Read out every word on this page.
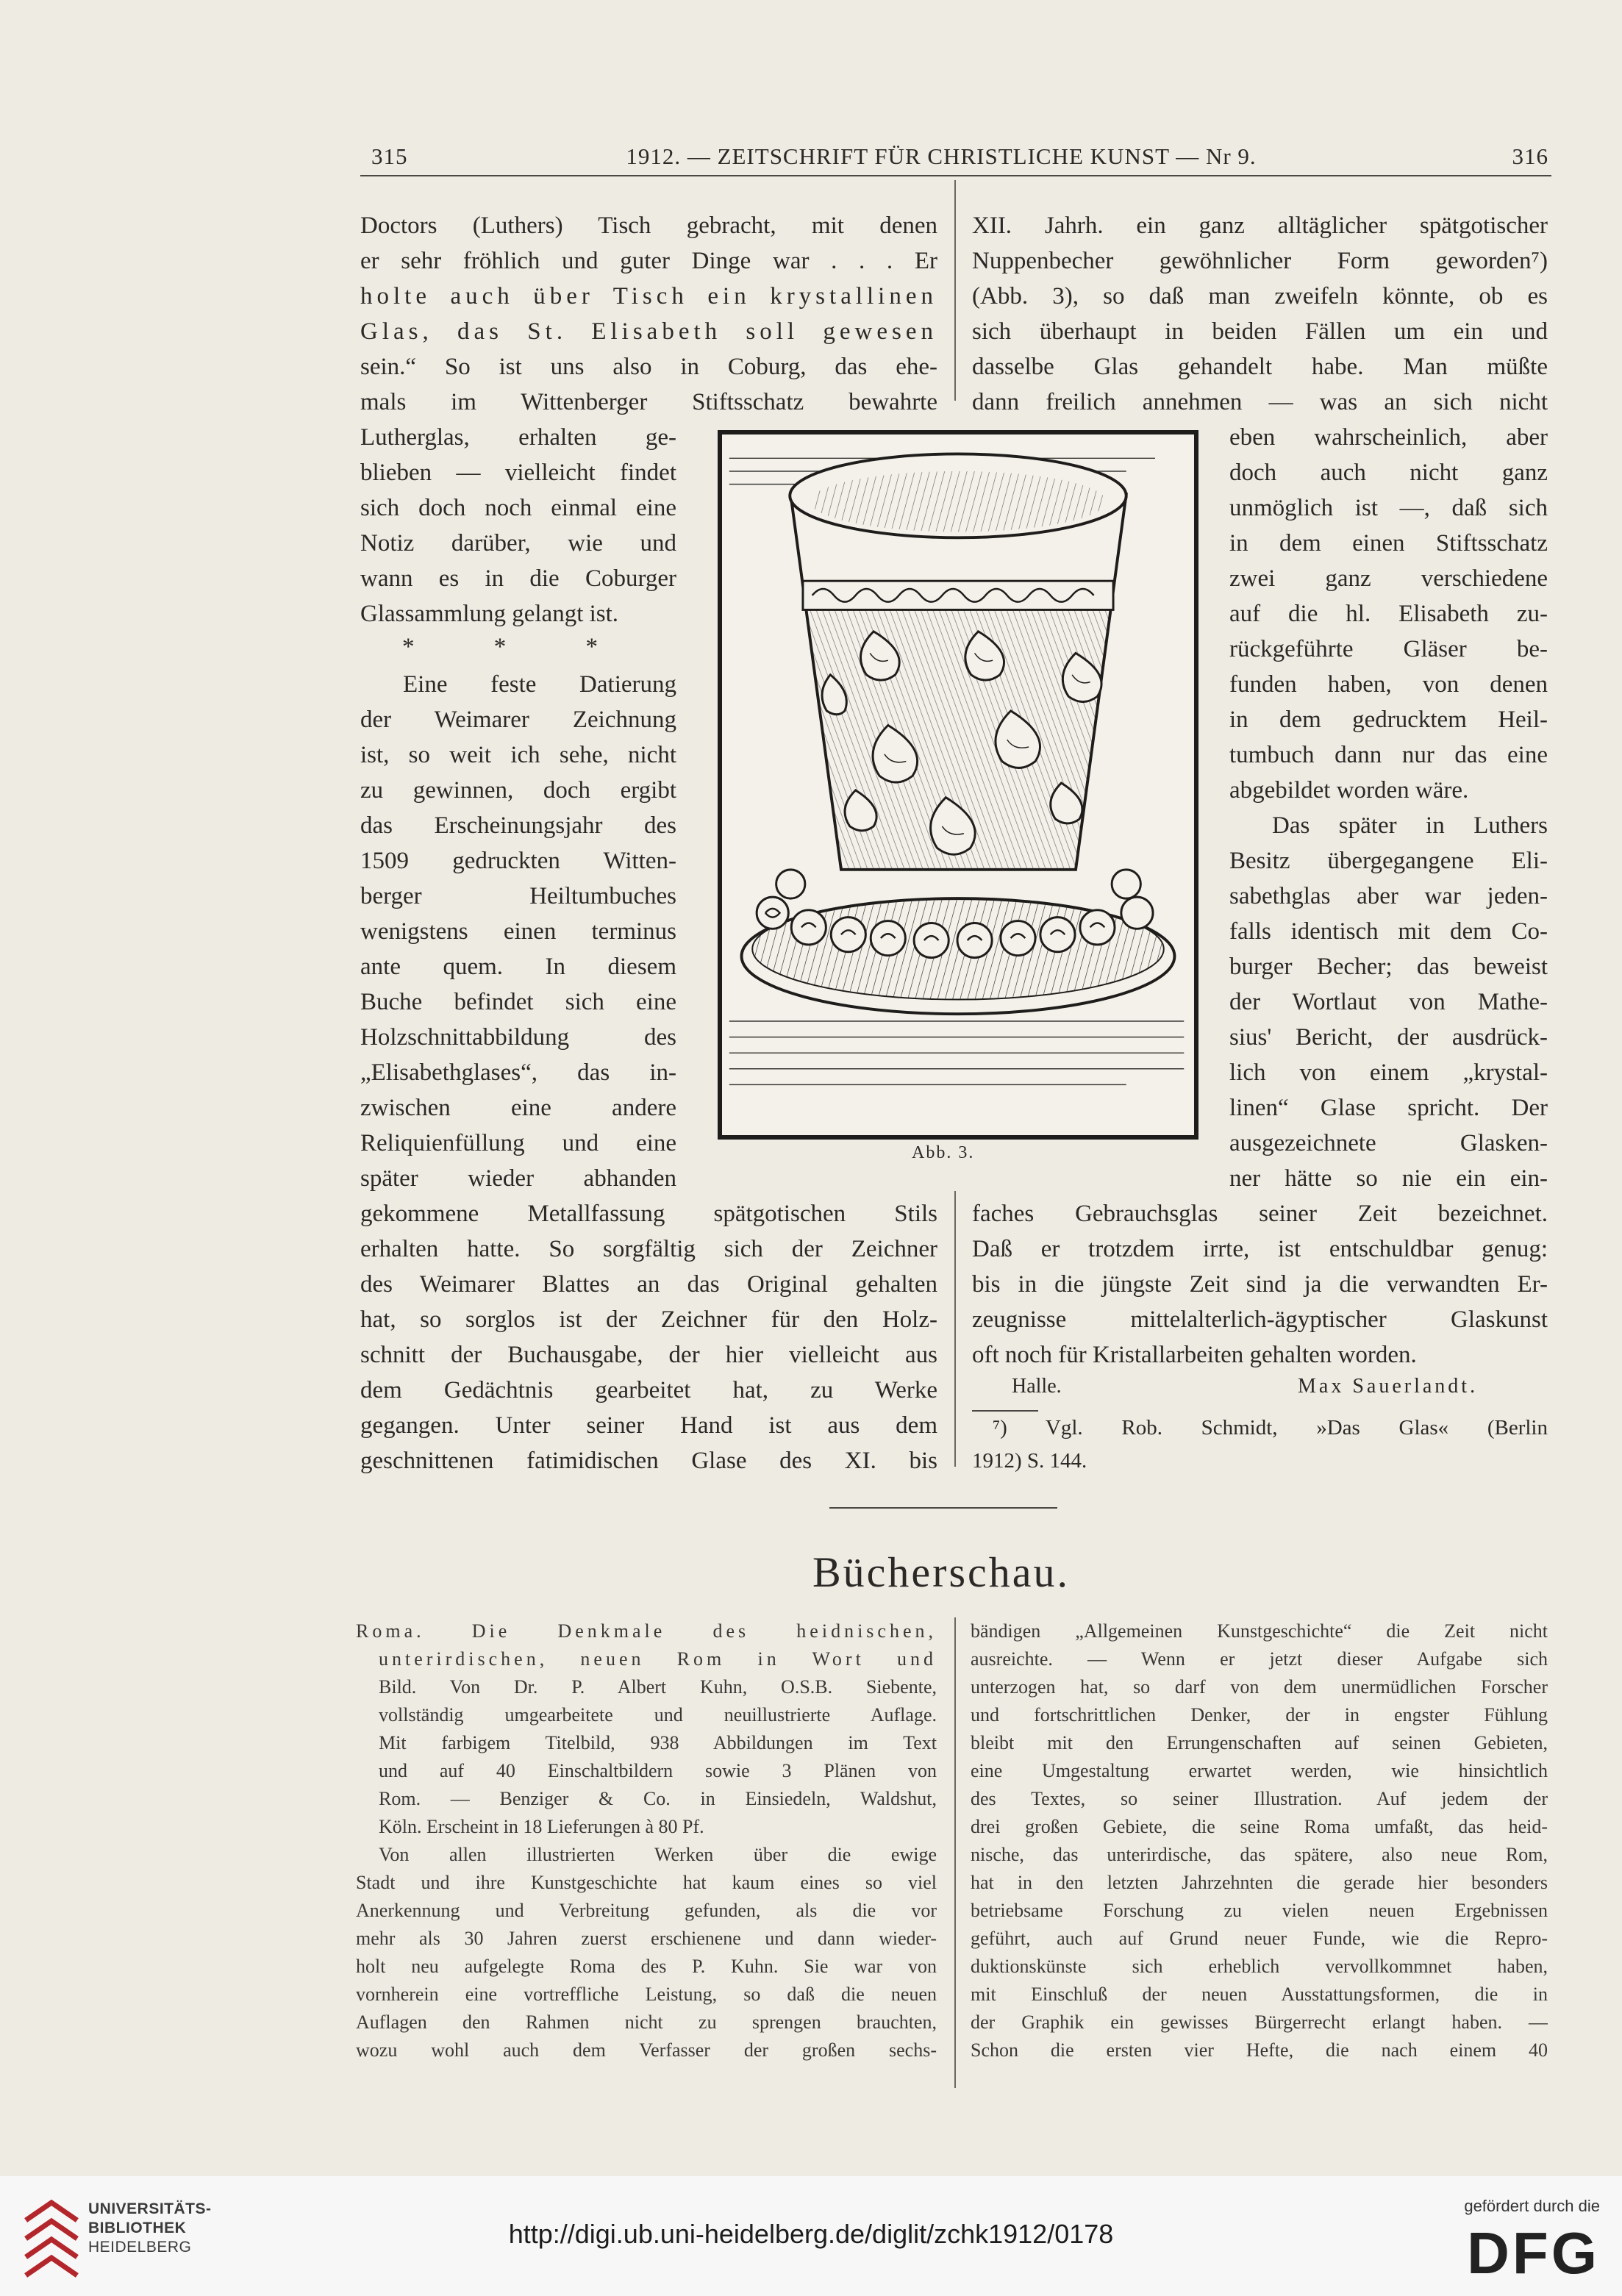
315	1912. — ZEITSCHRIFT FÜR CHRISTLICHE KUNST — Nr 9.	316
Doctors (Luthers) Tisch gebracht, mit denen
er sehr fröhlich und guter Dinge war . . . Er
holte auch über Tisch ein krystallinen
Glas, das St. Elisabeth soll gewesen
sein.“ So ist uns also in Coburg, das ehe-
mals im Wittenberger Stiftsschatz bewahrte
Lutherglas, erhalten ge-
blieben — vielleicht findet
sich doch noch einmal eine
Notiz darüber, wie und
wann es in die Coburger
Glassammlung gelangt ist.
* * *
Eine feste Datierung
der Weimarer Zeichnung
ist, so weit ich sehe, nicht
zu gewinnen, doch ergibt
das Erscheinungsjahr des
1509 gedruckten Witten-
berger Heiltumbuches
wenigstens einen terminus
ante quem. In diesem
Buche befindet sich eine
Holzschnittabbildung des
„Elisabethglases“, das in-
zwischen eine andere
Reliquienfüllung und eine
später wieder abhanden
gekommene Metallfassung spätgotischen Stils
erhalten hatte. So sorgfältig sich der Zeichner
des Weimarer Blattes an das Original gehalten
hat, so sorglos ist der Zeichner für den Holz-
schnitt der Buchausgabe, der hier vielleicht aus
dem Gedächtnis gearbeitet hat, zu Werke
gegangen. Unter seiner Hand ist aus dem
geschnittenen fatimidischen Glase des XI. bis
XII. Jahrh. ein ganz alltäglicher spätgotischer
Nuppenbecher gewöhnlicher Form geworden⁷)
(Abb. 3), so daß man zweifeln könnte, ob es
sich überhaupt in beiden Fällen um ein und
dasselbe Glas gehandelt habe. Man müßte
dann freilich annehmen — was an sich nicht
eben wahrscheinlich, aber
doch auch nicht ganz
unmöglich ist —, daß sich
in dem einen Stiftsschatz
zwei ganz verschiedene
auf die hl. Elisabeth zu-
rückgeführte Gläser be-
funden haben, von denen
in dem gedrucktem Heil-
tumbuch dann nur das eine
abgebildet worden wäre.
Das später in Luthers
Besitz übergegangene Eli-
sabethglas aber war jeden-
falls identisch mit dem Co-
burger Becher; das beweist
der Wortlaut von Mathe-
sius' Bericht, der ausdrück-
lich von einem „krystal-
linen“ Glase spricht. Der
ausgezeichnete Glasken-
ner hätte so nie ein ein-
faches Gebrauchsglas seiner Zeit bezeichnet.
Daß er trotzdem irrte, ist entschuldbar genug:
bis in die jüngste Zeit sind ja die verwandten Er-
zeugnisse mittelalterlich-ägyptischer Glaskunst
oft noch für Kristallarbeiten gehalten worden.
Halle.	Max Sauerlandt.
⁷) Vgl. Rob. Schmidt, »Das Glas« (Berlin
1912) S. 144.
Abb. 3.
Bücherschau.
Roma. Die Denkmale des heidnischen,
unterirdischen, neuen Rom in Wort und
Bild. Von Dr. P. Albert Kuhn, O.S.B. Siebente,
vollständig umgearbeitete und neuillustrierte Auflage.
Mit farbigem Titelbild, 938 Abbildungen im Text
und auf 40 Einschaltbildern sowie 3 Plänen von
Rom. — Benziger & Co. in Einsiedeln, Waldshut,
Köln. Erscheint in 18 Lieferungen à 80 Pf.
Von allen illustrierten Werken über die ewige
Stadt und ihre Kunstgeschichte hat kaum eines so viel
Anerkennung und Verbreitung gefunden, als die vor
mehr als 30 Jahren zuerst erschienene und dann wieder-
holt neu aufgelegte Roma des P. Kuhn. Sie war von
vornherein eine vortreffliche Leistung, so daß die neuen
Auflagen den Rahmen nicht zu sprengen brauchten,
wozu wohl auch dem Verfasser der großen sechs-
bändigen „Allgemeinen Kunstgeschichte“ die Zeit nicht
ausreichte. — Wenn er jetzt dieser Aufgabe sich
unterzogen hat, so darf von dem unermüdlichen Forscher
und fortschrittlichen Denker, der in engster Fühlung
bleibt mit den Errungenschaften auf seinen Gebieten,
eine Umgestaltung erwartet werden, wie hinsichtlich
des Textes, so seiner Illustration. Auf jedem der
drei großen Gebiete, die seine Roma umfaßt, das heid-
nische, das unterirdische, das spätere, also neue Rom,
hat in den letzten Jahrzehnten die gerade hier besonders
betriebsame Forschung zu vielen neuen Ergebnissen
geführt, auch auf Grund neuer Funde, wie die Repro-
duktionskünste sich erheblich vervollkommnet haben,
mit Einschluß der neuen Ausstattungsformen, die in
der Graphik ein gewisses Bürgerrecht erlangt haben. —
Schon die ersten vier Hefte, die nach einem 40
UNIVERSITÄTS-
BIBLIOTHEK
HEIDELBERG	http://digi.ub.uni-heidelberg.de/diglit/zchk1912/0178
gefördert durch die
DFG
